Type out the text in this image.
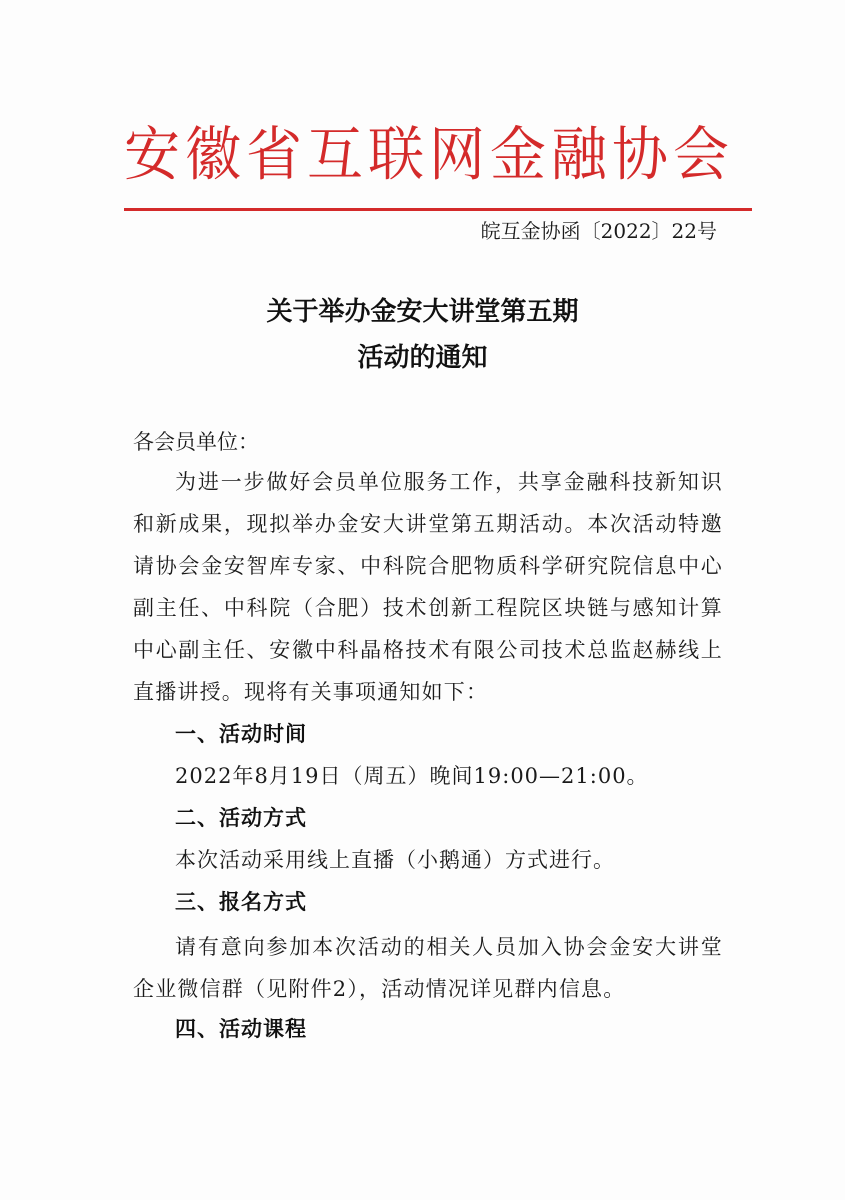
安徽省互联网金融协会
皖互金协函〔2022〕22号
关于举办金安大讲堂第五期
活动的通知
各会员单位：

为进一步做好会员单位服务工作，共享金融科技新知识和新成果，现拟举办金安大讲堂第五期活动。本次活动特邀请协会金安智库专家、中科院合肥物质科学研究院信息中心副主任、中科院（合肥）技术创新工程院区块链与感知计算中心副主任、安徽中科晶格技术有限公司技术总监赵赫线上直播讲授。现将有关事项通知如下：

一、活动时间
2022年8月19日（周五）晚间19:00—21:00。
二、活动方式
本次活动采用线上直播（小鹅通）方式进行。
三、报名方式

请有意向参加本次活动的相关人员加入协会金安大讲堂企业微信群（见附件2），活动情况详见群内信息。

四、活动课程
